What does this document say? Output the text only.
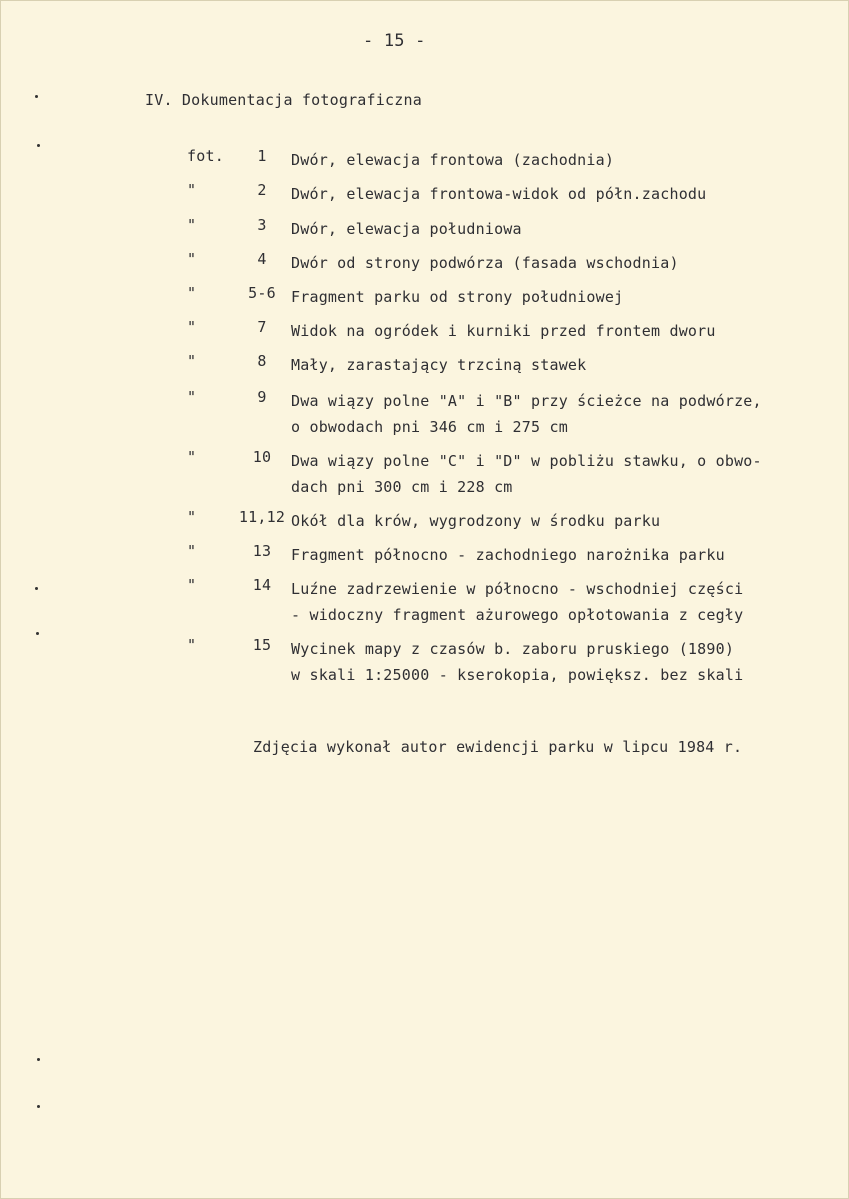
- 15 -
IV. Dokumentacja fotograficzna
fot.	1	Dwór, elewacja frontowa (zachodnia)
"	2	Dwór, elewacja frontowa-widok od półn.zachodu
"	3	Dwór, elewacja południowa
"	4	Dwór od strony podwórza (fasada wschodnia)
"	5-6	Fragment parku od strony południowej
"	7	Widok na ogródek i kurniki przed frontem dworu
"	8	Mały, zarastający trzciną stawek
"	9	Dwa wiązy polne "A" i "B" przy ścieżce na podwórze,
o obwodach pni 346 cm i 275 cm
"	10	Dwa wiązy polne "C" i "D" w pobliżu stawku, o obwo-
dach pni 300 cm i 228 cm
"	11,12 Okół dla krów, wygrodzony w środku parku
"	13	Fragment północno - zachodniego narożnika parku
"	14	Luźne zadrzewienie w północno - wschodniej części
- widoczny fragment ażurowego opłotowania z cegły
"	15	Wycinek mapy z czasów b. zaboru pruskiego (1890)
w skali 1:25000 - kserokopia, powiększ. bez skali
Zdjęcia wykonał autor ewidencji parku w lipcu 1984 r.
